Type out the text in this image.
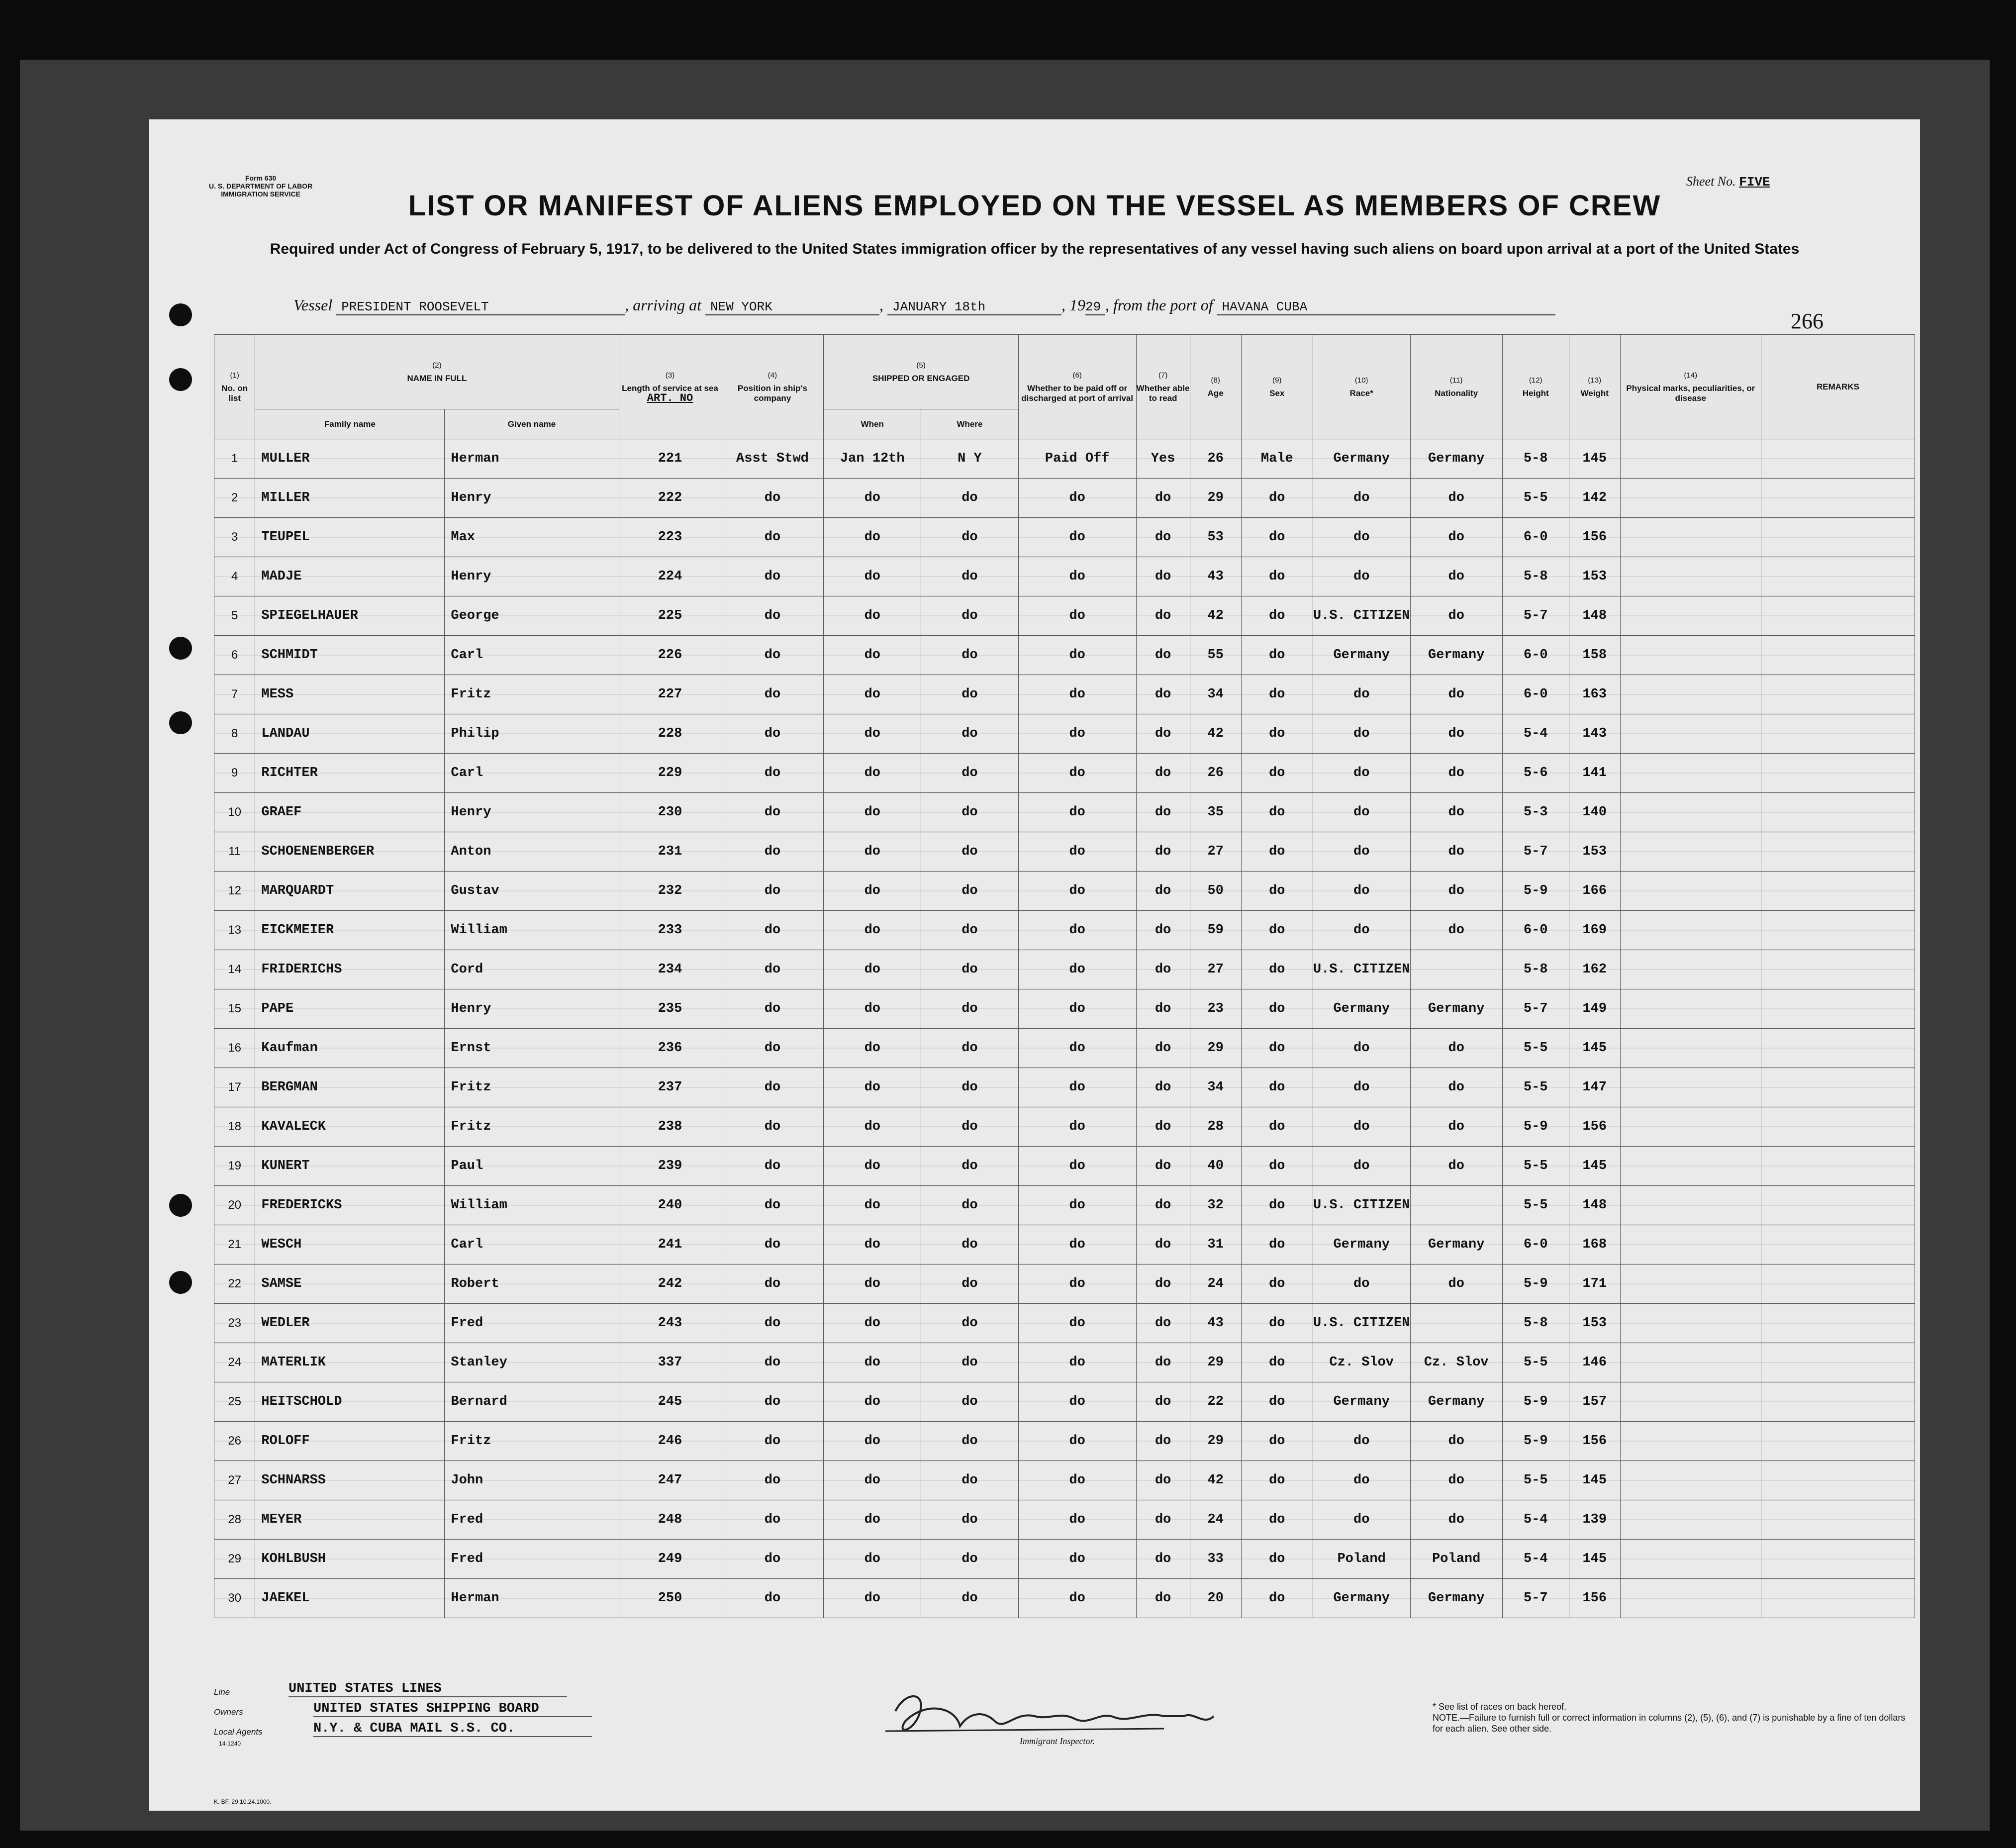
Form 630
U. S. DEPARTMENT OF LABOR
IMMIGRATION SERVICE
Sheet No. FIVE
LIST OR MANIFEST OF ALIENS EMPLOYED ON THE VESSEL AS MEMBERS OF CREW
Required under Act of Congress of February 5, 1917, to be delivered to the United States immigration officer by the representatives of any vessel having such aliens on board upon arrival at a port of the United States
Vessel PRESIDENT ROOSEVELT	, arriving at NEW YORK	, JANUARY 18th	, 1929 , from the port of HAVANA CUBA
266
(1)
No. on list	(2)
NAME IN FULL		(3)
Length of service at sea
ART. NO	(4)
Position in ship's company	(5)
SHIPPED OR ENGAGED		(6)
Whether to be paid off or discharged at port of arrival	(7)
Whether able to read	(8)
Age	(9)
Sex	(10)
Race*	(11)
Nationality	(12)
Height	(13)
Weight	(14)
Physical marks, peculiarities, or disease	REMARKS
	Family name	Given name			When	Where										
1	MULLER	Herman	221	Asst Stwd	Jan 12th	N Y	Paid Off	Yes	26	Male	Germany	Germany	5-8	145		
2	MILLER	Henry	222	do	do	do	do	do	29	do	do	do	5-5	142		
3	TEUPEL	Max	223	do	do	do	do	do	53	do	do	do	6-0	156		
4	MADJE	Henry	224	do	do	do	do	do	43	do	do	do	5-8	153		
5	SPIEGELHAUER	George	225	do	do	do	do	do	42	do	U.S. CITIZEN	do	5-7	148		
6	SCHMIDT	Carl	226	do	do	do	do	do	55	do	Germany	Germany	6-0	158		
7	MESS	Fritz	227	do	do	do	do	do	34	do	do	do	6-0	163		
8	LANDAU	Philip	228	do	do	do	do	do	42	do	do	do	5-4	143		
9	RICHTER	Carl	229	do	do	do	do	do	26	do	do	do	5-6	141		
10	GRAEF	Henry	230	do	do	do	do	do	35	do	do	do	5-3	140		
11	SCHOENENBERGER	Anton	231	do	do	do	do	do	27	do	do	do	5-7	153		
12	MARQUARDT	Gustav	232	do	do	do	do	do	50	do	do	do	5-9	166		
13	EICKMEIER	William	233	do	do	do	do	do	59	do	do	do	6-0	169		
14	FRIDERICHS	Cord	234	do	do	do	do	do	27	do	U.S. CITIZEN		5-8	162		
15	PAPE	Henry	235	do	do	do	do	do	23	do	Germany	Germany	5-7	149		
16	Kaufman	Ernst	236	do	do	do	do	do	29	do	do	do	5-5	145		
17	BERGMAN	Fritz	237	do	do	do	do	do	34	do	do	do	5-5	147		
18	KAVALECK	Fritz	238	do	do	do	do	do	28	do	do	do	5-9	156		
19	KUNERT	Paul	239	do	do	do	do	do	40	do	do	do	5-5	145		
20	FREDERICKS	William	240	do	do	do	do	do	32	do	U.S. CITIZEN		5-5	148		
21	WESCH	Carl	241	do	do	do	do	do	31	do	Germany	Germany	6-0	168		
22	SAMSE	Robert	242	do	do	do	do	do	24	do	do	do	5-9	171		
23	WEDLER	Fred	243	do	do	do	do	do	43	do	U.S. CITIZEN		5-8	153		
24	MATERLIK	Stanley	337	do	do	do	do	do	29	do	Cz. Slov	Cz. Slov	5-5	146		
25	HEITSCHOLD	Bernard	245	do	do	do	do	do	22	do	Germany	Germany	5-9	157		
26	ROLOFF	Fritz	246	do	do	do	do	do	29	do	do	do	5-9	156		
27	SCHNARSS	John	247	do	do	do	do	do	42	do	do	do	5-5	145		
28	MEYER	Fred	248	do	do	do	do	do	24	do	do	do	5-4	139		
29	KOHLBUSH	Fred	249	do	do	do	do	do	33	do	Poland	Poland	5-4	145		
30	JAEKEL	Herman	250	do	do	do	do	do	20	do	Germany	Germany	5-7	156		
Line	UNITED STATES LINES
Owners	UNITED STATES SHIPPING BOARD
Local Agents	N.Y. & CUBA MAIL S.S. CO.
14-1240	Immigrant Inspector.
* See list of races on back hereof.
NOTE.—Failure to furnish full or correct information in columns (2), (5), (6), and (7) is punishable by a fine of ten dollars for each alien. See other side.
K. BF. 29.10.24.1000.
